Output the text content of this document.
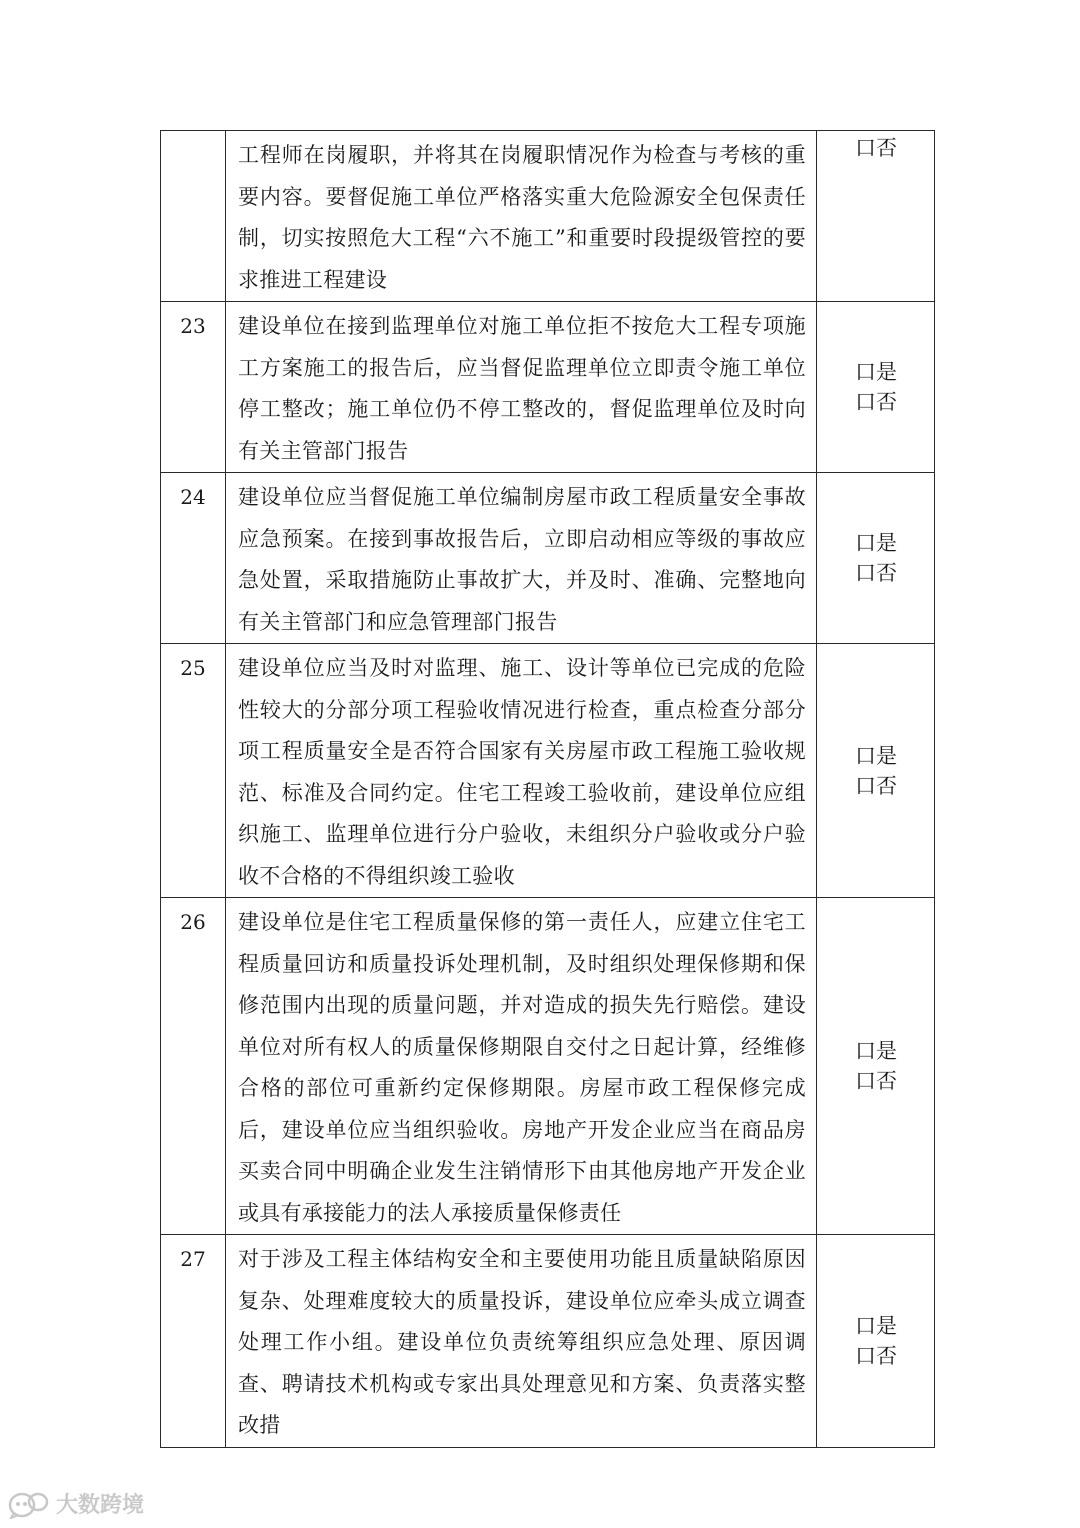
	工程师在岗履职，并将其在岗履职情况作为检查与考核的重要内容。要督促施工单位严格落实重大危险源安全包保责任制，切实按照危大工程“六不施工”和重要时段提级管控的要求推进工程建设	口否

23	建设单位在接到监理单位对施工单位拒不按危大工程专项施工方案施工的报告后，应当督促监理单位立即责令施工单位停工整改；施工单位仍不停工整改的，督促监理单位及时向有关主管部门报告	口是
口否

24	建设单位应当督促施工单位编制房屋市政工程质量安全事故应急预案。在接到事故报告后，立即启动相应等级的事故应急处置，采取措施防止事故扩大，并及时、准确、完整地向有关主管部门和应急管理部门报告	口是
口否

25	建设单位应当及时对监理、施工、设计等单位已完成的危险性较大的分部分项工程验收情况进行检查，重点检查分部分项工程质量安全是否符合国家有关房屋市政工程施工验收规范、标准及合同约定。住宅工程竣工验收前，建设单位应组织施工、监理单位进行分户验收，未组织分户验收或分户验收不合格的不得组织竣工验收	口是
口否

26	建设单位是住宅工程质量保修的第一责任人，应建立住宅工程质量回访和质量投诉处理机制，及时组织处理保修期和保修范围内出现的质量问题，并对造成的损失先行赔偿。建设单位对所有权人的质量保修期限自交付之日起计算，经维修合格的部位可重新约定保修期限。房屋市政工程保修完成后，建设单位应当组织验收。房地产开发企业应当在商品房买卖合同中明确企业发生注销情形下由其他房地产开发企业或具有承接能力的法人承接质量保修责任	口是
口否

27	对于涉及工程主体结构安全和主要使用功能且质量缺陷原因复杂、处理难度较大的质量投诉，建设单位应牵头成立调查处理工作小组。建设单位负责统筹组织应急处理、原因调查、聘请技术机构或专家出具处理意见和方案、负责落实整改措	口是
口否
大数跨境
